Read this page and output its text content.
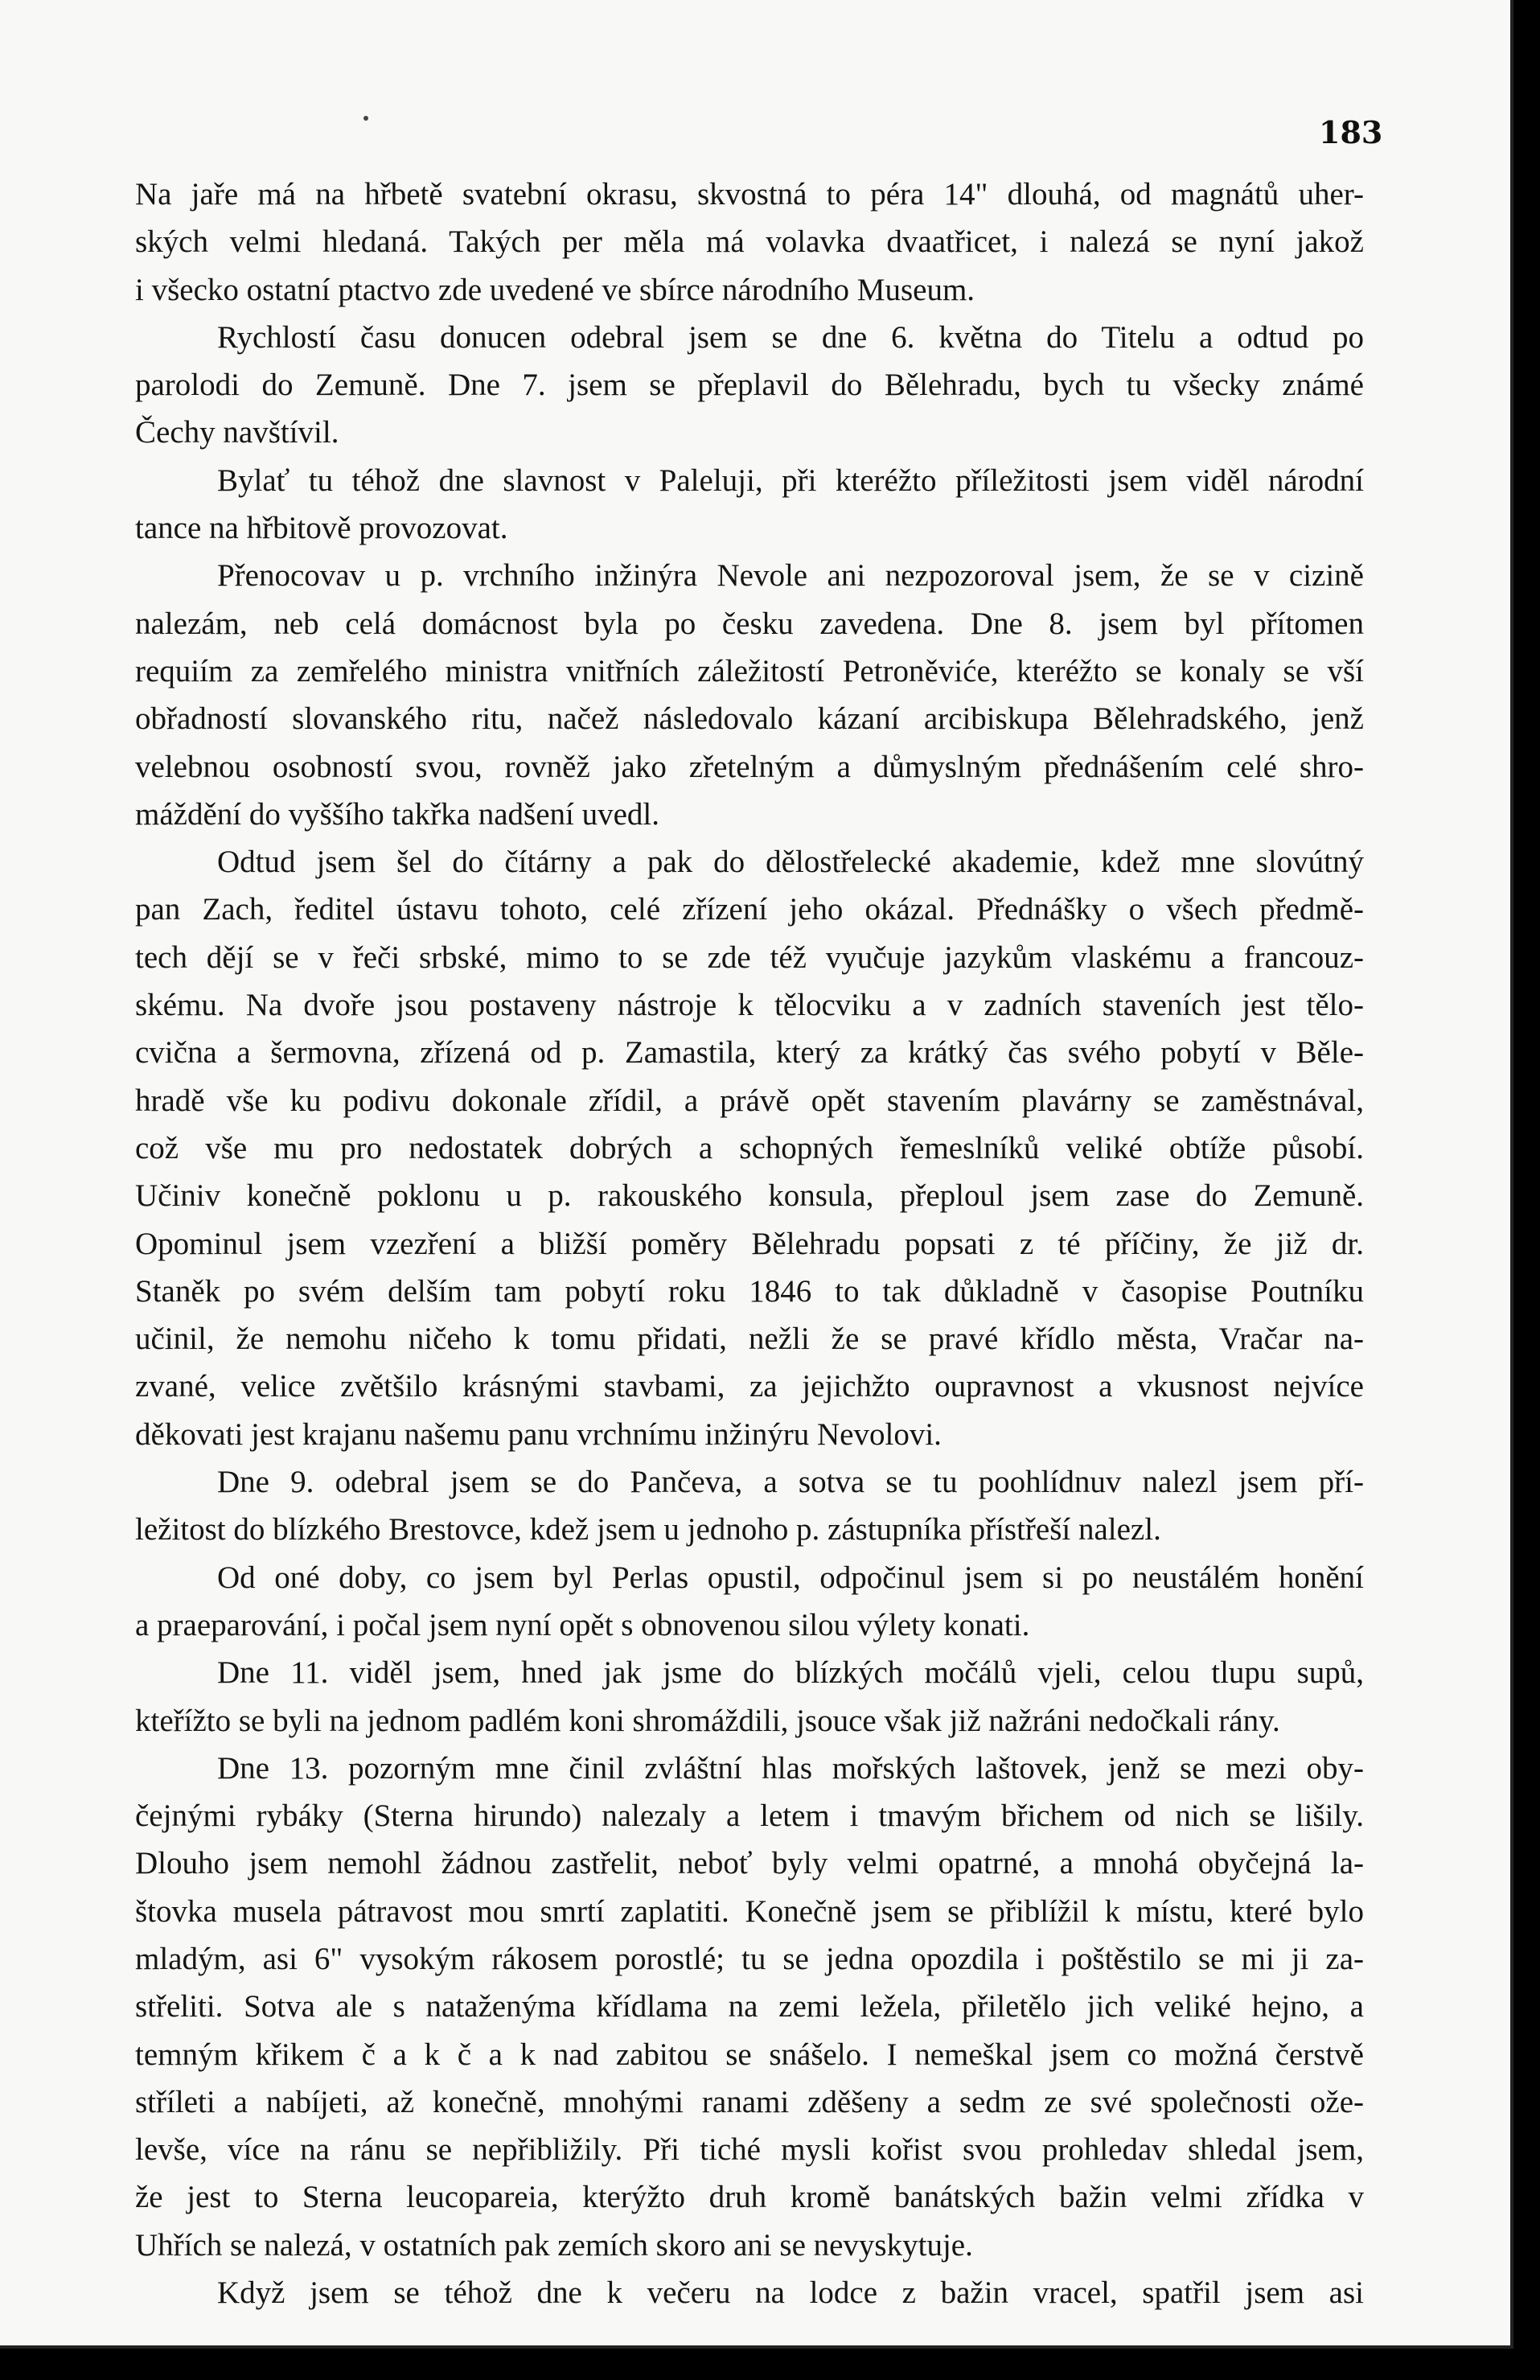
183

Na jaře má na hřbetě svatební okrasu, skvostná to péra 14" dlouhá, od magnátů uher-

ských velmi hledaná. Takých per měla má volavka dvaatřicet, i nalezá se nyní jakož

i všecko ostatní ptactvo zde uvedené ve sbírce národního Museum.

Rychlostí času donucen odebral jsem se dne 6. května do Titelu a odtud po

parolodi do Zemuně. Dne 7. jsem se přeplavil do Bělehradu, bych tu všecky známé

Čechy navštívil.

Bylať tu téhož dne slavnost v Paleluji, při kteréžto příležitosti jsem viděl národní

tance na hřbitově provozovat.

Přenocovav u p. vrchního inžinýra Nevole ani nezpozoroval jsem, že se v cizině

nalezám, neb celá domácnost byla po česku zavedena. Dne 8. jsem byl přítomen

requiím za zemřelého ministra vnitřních záležitostí Petroněviće, kteréžto se konaly se vší

obřadností slovanského ritu, načež následovalo kázaní arcibiskupa Bělehradského, jenž

velebnou osobností svou, rovněž jako zřetelným a důmyslným přednášením celé shro-

máždění do vyššího takřka nadšení uvedl.

Odtud jsem šel do čítárny a pak do dělostřelecké akademie, kdež mne slovútný

pan Zach, ředitel ústavu tohoto, celé zřízení jeho okázal. Přednášky o všech předmě-

tech dějí se v řeči srbské, mimo to se zde též vyučuje jazykům vlaskému a francouz-

skému. Na dvoře jsou postaveny nástroje k tělocviku a v zadních staveních jest tělo-

cvična a šermovna, zřízená od p. Zamastila, který za krátký čas svého pobytí v Běle-

hradě vše ku podivu dokonale zřídil, a právě opět stavením plavárny se zaměstnával,

což vše mu pro nedostatek dobrých a schopných řemeslníků veliké obtíže působí.

Učiniv konečně poklonu u p. rakouského konsula, přeploul jsem zase do Zemuně.

Opominul jsem vzezření a bližší poměry Bělehradu popsati z té příčiny, že již dr.

Staněk po svém delším tam pobytí roku 1846 to tak důkladně v časopise Poutníku

učinil, že nemohu ničeho k tomu přidati, nežli že se pravé křídlo města, Vračar na-

zvané, velice zvětšilo krásnými stavbami, za jejichžto oupravnost a vkusnost nejvíce

děkovati jest krajanu našemu panu vrchnímu inžinýru Nevolovi.

Dne 9. odebral jsem se do Pančeva, a sotva se tu poohlídnuv nalezl jsem pří-

ležitost do blízkého Brestovce, kdež jsem u jednoho p. zástupníka přístřeší nalezl.

Od oné doby, co jsem byl Perlas opustil, odpočinul jsem si po neustálém honění

a praeparování, i počal jsem nyní opět s obnovenou silou výlety konati.

Dne 11. viděl jsem, hned jak jsme do blízkých močálů vjeli, celou tlupu supů,

kteřížto se byli na jednom padlém koni shromáždili, jsouce však již nažráni nedočkali rány.

Dne 13. pozorným mne činil zvláštní hlas mořských laštovek, jenž se mezi oby-

čejnými rybáky (Sterna hirundo) nalezaly a letem i tmavým břichem od nich se lišily.

Dlouho jsem nemohl žádnou zastřelit, neboť byly velmi opatrné, a mnohá obyčejná la-

štovka musela pátravost mou smrtí zaplatiti. Konečně jsem se přiblížil k místu, které bylo

mladým, asi 6" vysokým rákosem porostlé; tu se jedna opozdila i poštěstilo se mi ji za-

střeliti. Sotva ale s nataženýma křídlama na zemi ležela, přiletělo jich veliké hejno, a

temným křikem č a k č a k nad zabitou se snášelo. I nemeškal jsem co možná čerstvě

stříleti a nabíjeti, až konečně, mnohými ranami zděšeny a sedm ze své společnosti ože-

levše, více na ránu se nepřibližily. Při tiché mysli kořist svou prohledav shledal jsem,

že jest to Sterna leucopareia, kterýžto druh kromě banátských bažin velmi zřídka v

Uhřích se nalezá, v ostatních pak zemích skoro ani se nevyskytuje.

Když jsem se téhož dne k večeru na lodce z bažin vracel, spatřil jsem asi
